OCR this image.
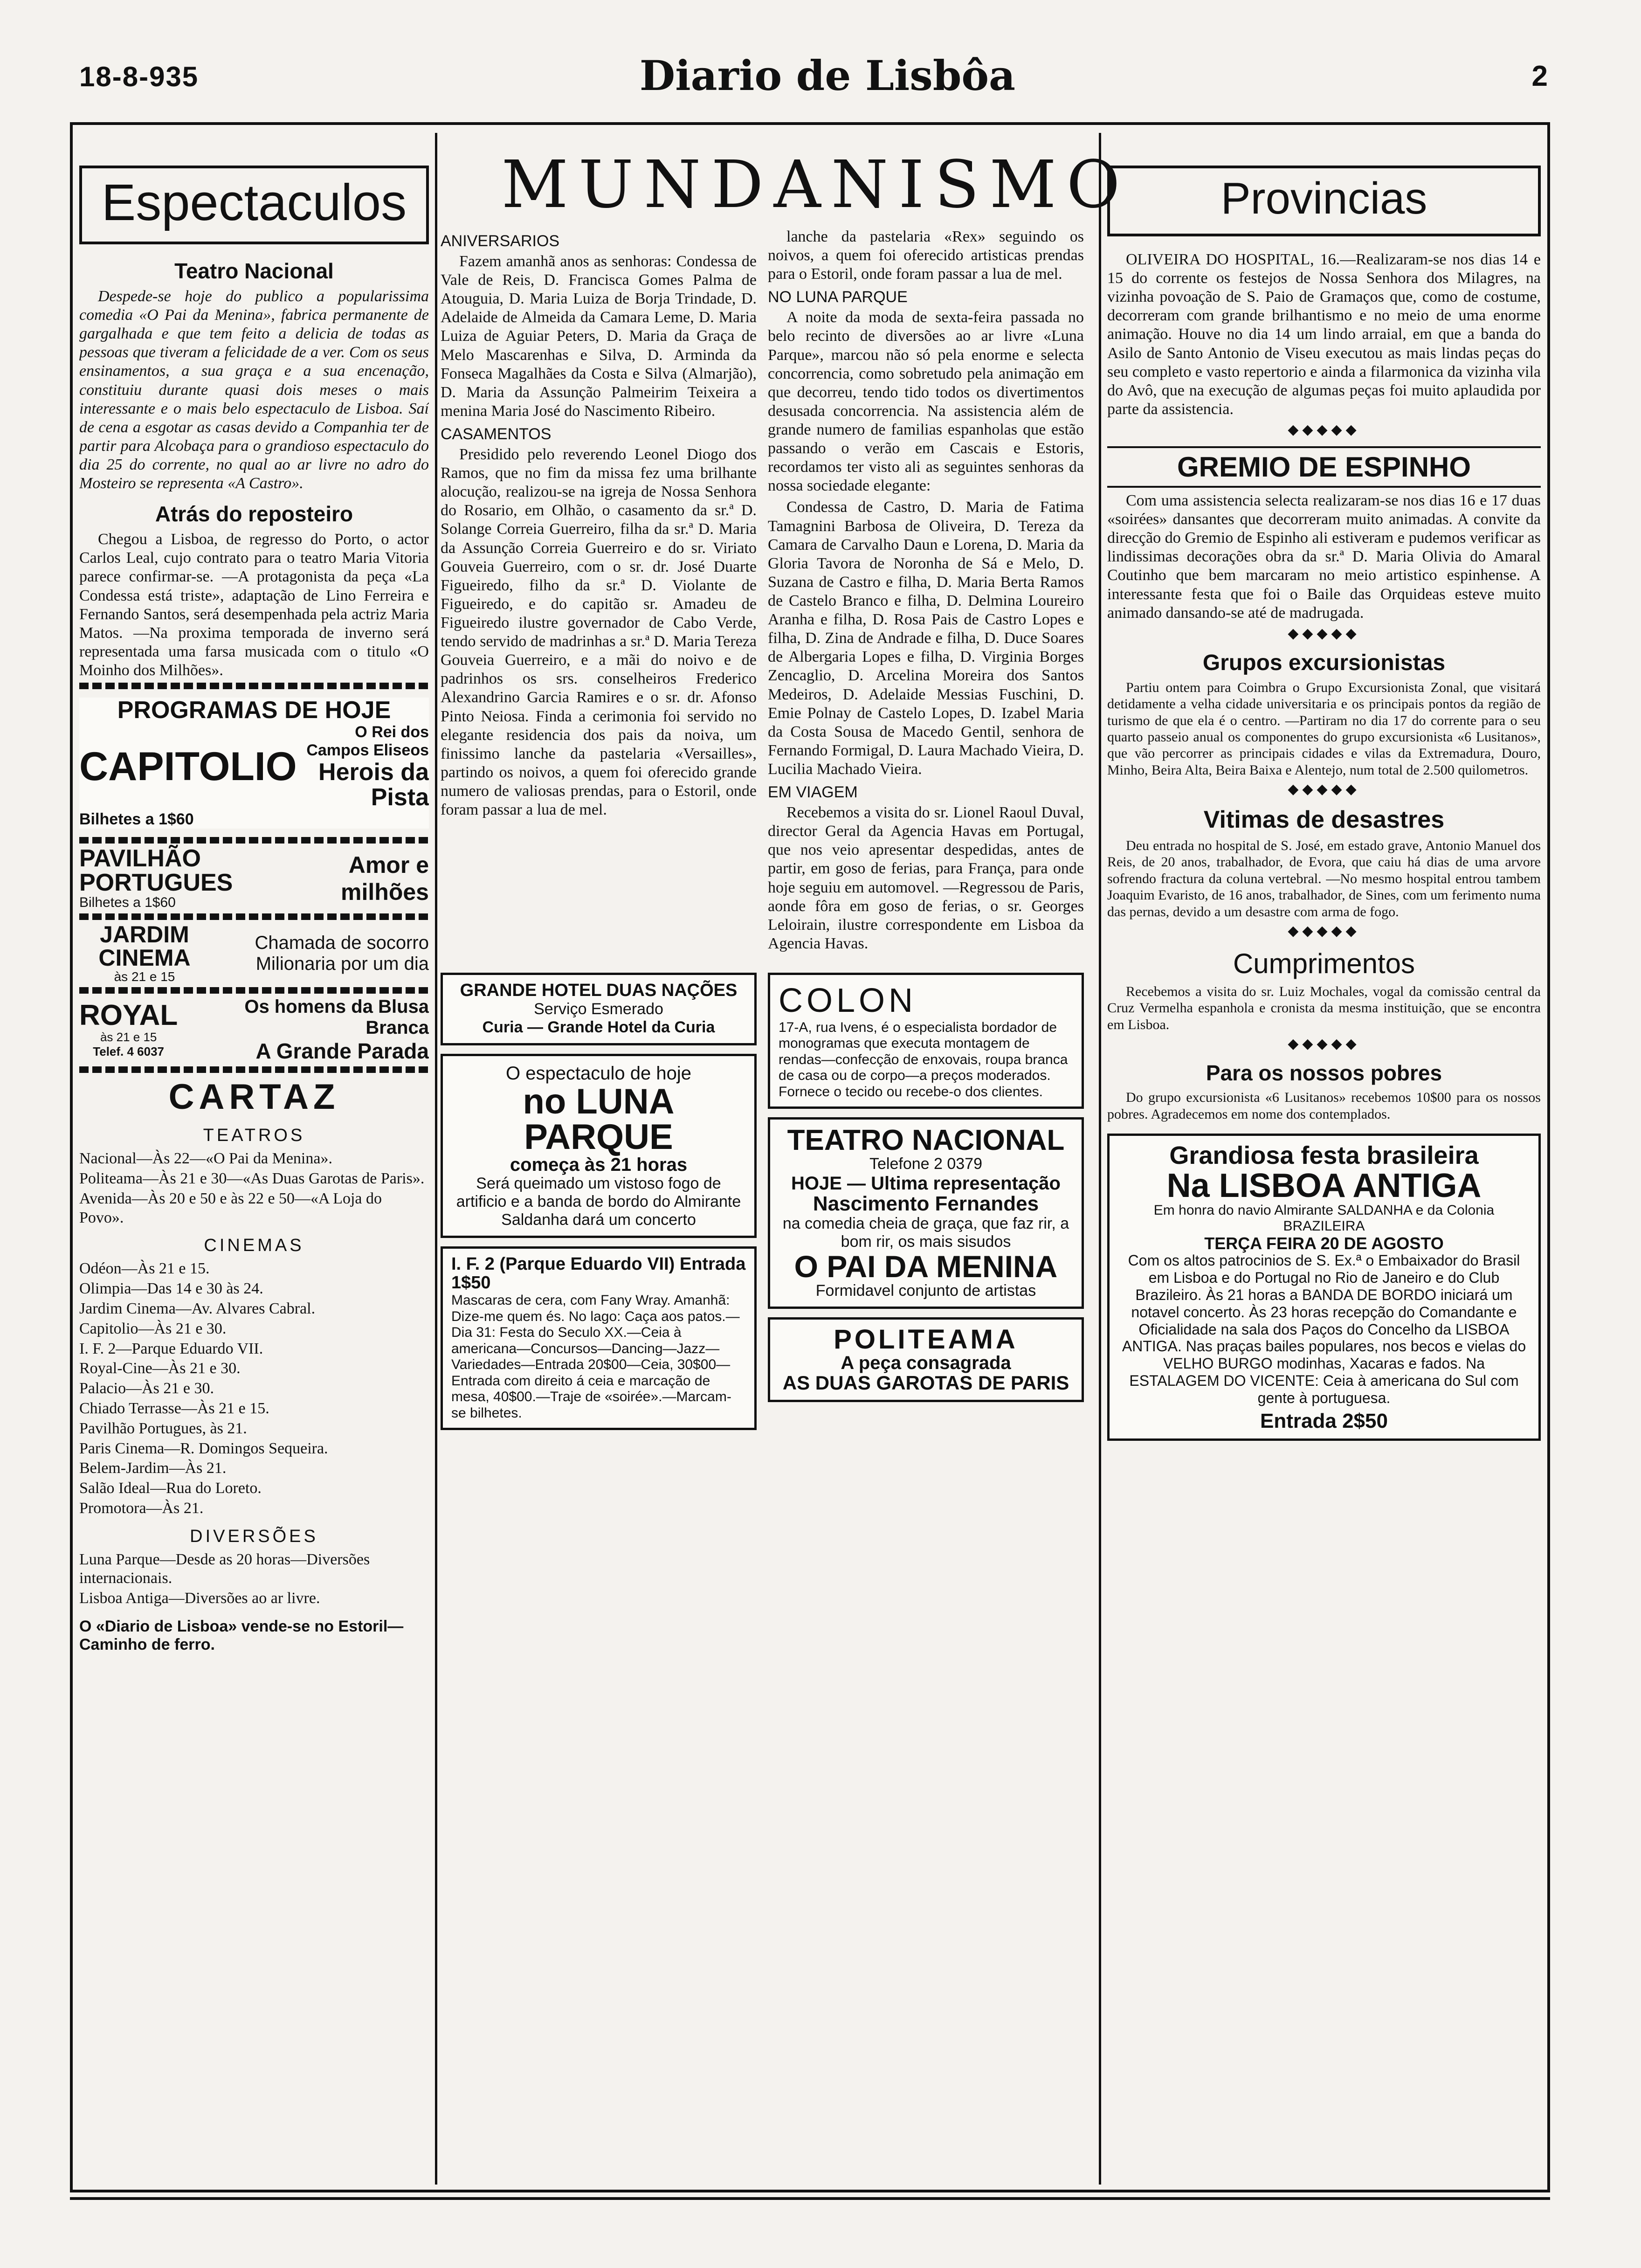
18-8-935	Diario de Lisbôa	2
Espectaculos
Teatro Nacional

Despede-se hoje do publico a popularissima comedia «O Pai da Menina», fabrica permanente de gargalhada e que tem feito a delicia de todas as pessoas que tiveram a felicidade de a ver. Com os seus ensinamentos, a sua graça e a sua encenação, constituiu durante quasi dois meses o mais interessante e o mais belo espectaculo de Lisboa. Saí de cena a esgotar as casas devido a Companhia ter de partir para Alcobaça para o grandioso espectaculo do dia 25 do corrente, no qual ao ar livre no adro do Mosteiro se representa «A Castro».

Atrás do reposteiro

Chegou a Lisboa, de regresso do Porto, o actor Carlos Leal, cujo contrato para o teatro Maria Vitoria parece confirmar-se. —A protagonista da peça «La Condessa está triste», adaptação de Lino Ferreira e Fernando Santos, será desempenhada pela actriz Maria Matos. —Na proxima temporada de inverno será representada uma farsa musicada com o titulo «O Moinho dos Milhões».

PROGRAMAS DE HOJE
CAPITOLIO
O Rei dos Campos Eliseos
Herois da Pista
Bilhetes a 1$60
PAVILHÃO PORTUGUES
Bilhetes a 1$60
Amor e milhões
JARDIM CINEMA
às 21 e 15
Chamada de socorro
Milionaria por um dia
ROYAL
às 21 e 15
Telef. 4 6037
Os homens da Blusa Branca
A Grande Parada
CARTAZ
TEATROS
Nacional—Às 22—«O Pai da Menina».
Politeama—Às 21 e 30—«As Duas Garotas de Paris».
Avenida—Às 20 e 50 e às 22 e 50—«A Loja do Povo».
CINEMAS
Odéon—Às 21 e 15.
Olimpia—Das 14 e 30 às 24.
Jardim Cinema—Av. Alvares Cabral.
Capitolio—Às 21 e 30.
I. F. 2—Parque Eduardo VII.
Royal-Cine—Às 21 e 30.
Palacio—Às 21 e 30.
Chiado Terrasse—Às 21 e 15.
Pavilhão Portugues, às 21.
Paris Cinema—R. Domingos Sequeira.
Belem-Jardim—Às 21.
Salão Ideal—Rua do Loreto.
Promotora—Às 21.
DIVERSÕES
Luna Parque—Desde as 20 horas—Diversões internacionais.
Lisboa Antiga—Diversões ao ar livre.
O «Diario de Lisboa» vende-se no Estoril—Caminho de ferro.
MUNDANISMO
ANIVERSARIOS

Fazem amanhã anos as senhoras: Condessa de Vale de Reis, D. Francisca Gomes Palma de Atouguia, D. Maria Luiza de Borja Trindade, D. Adelaide de Almeida da Camara Leme, D. Maria Luiza de Aguiar Peters, D. Maria da Graça de Melo Mascarenhas e Silva, D. Arminda da Fonseca Magalhães da Costa e Silva (Almarjão), D. Maria da Assunção Palmeirim Teixeira a menina Maria José do Nascimento Ribeiro.

CASAMENTOS

Presidido pelo reverendo Leonel Diogo dos Ramos, que no fim da missa fez uma brilhante alocução, realizou-se na igreja de Nossa Senhora do Rosario, em Olhão, o casamento da sr.ª D. Solange Correia Guerreiro, filha da sr.ª D. Maria da Assunção Correia Guerreiro e do sr. Viriato Gouveia Guerreiro, com o sr. dr. José Duarte Figueiredo, filho da sr.ª D. Violante de Figueiredo, e do capitão sr. Amadeu de Figueiredo ilustre governador de Cabo Verde, tendo servido de madrinhas a sr.ª D. Maria Tereza Gouveia Guerreiro, e a mãi do noivo e de padrinhos os srs. conselheiros Frederico Alexandrino Garcia Ramires e o sr. dr. Afonso Pinto Neiosa. Finda a cerimonia foi servido no elegante residencia dos pais da noiva, um finissimo lanche da pastelaria «Versailles», partindo os noivos, a quem foi oferecido grande numero de valiosas prendas, para o Estoril, onde foram passar a lua de mel.

lanche da pastelaria «Rex» seguindo os noivos, a quem foi oferecido artisticas prendas para o Estoril, onde foram passar a lua de mel.

NO LUNA PARQUE

A noite da moda de sexta-feira passada no belo recinto de diversões ao ar livre «Luna Parque», marcou não só pela enorme e selecta concorrencia, como sobretudo pela animação em que decorreu, tendo tido todos os divertimentos desusada concorrencia. Na assistencia além de grande numero de familias espanholas que estão passando o verão em Cascais e Estoris, recordamos ter visto ali as seguintes senhoras da nossa sociedade elegante:

Condessa de Castro, D. Maria de Fatima Tamagnini Barbosa de Oliveira, D. Tereza da Camara de Carvalho Daun e Lorena, D. Maria da Gloria Tavora de Noronha de Sá e Melo, D. Suzana de Castro e filha, D. Maria Berta Ramos de Castelo Branco e filha, D. Delmina Loureiro Aranha e filha, D. Rosa Pais de Castro Lopes e filha, D. Zina de Andrade e filha, D. Duce Soares de Albergaria Lopes e filha, D. Virginia Borges Zencaglio, D. Arcelina Moreira dos Santos Medeiros, D. Adelaide Messias Fuschini, D. Emie Polnay de Castelo Lopes, D. Izabel Maria da Costa Sousa de Macedo Gentil, senhora de Fernando Formigal, D. Laura Machado Vieira, D. Lucilia Machado Vieira.

EM VIAGEM

Recebemos a visita do sr. Lionel Raoul Duval, director Geral da Agencia Havas em Portugal, que nos veio apresentar despedidas, antes de partir, em goso de ferias, para França, para onde hoje seguiu em automovel. —Regressou de Paris, aonde fôra em goso de ferias, o sr. Georges Leloirain, ilustre correspondente em Lisboa da Agencia Havas.

GRANDE HOTEL DUAS NAÇÕES
Serviço Esmerado
Curia — Grande Hotel da Curia
O espectaculo de hoje
no LUNA PARQUE
começa às 21 horas
Será queimado um vistoso fogo de artificio e a banda de bordo do Almirante Saldanha dará um concerto
I. F. 2 (Parque Eduardo VII) Entrada 1$50
Mascaras de cera, com Fany Wray. Amanhã: Dize-me quem és. No lago: Caça aos patos.—Dia 31: Festa do Seculo XX.—Ceia à americana—Concursos—Dancing—Jazz—Variedades—Entrada 20$00—Ceia, 30$00—Entrada com direito á ceia e marcação de mesa, 40$00.—Traje de «soirée».—Marcam-se bilhetes.
COLON
17-A, rua Ivens, é o especialista bordador de monogramas que executa montagem de rendas—confecção de enxovais, roupa branca de casa ou de corpo—a preços moderados. Fornece o tecido ou recebe-o dos clientes.
TEATRO NACIONAL
Telefone 2 0379
HOJE — Ultima representação
Nascimento Fernandes
na comedia cheia de graça, que faz rir, a bom rir, os mais sisudos
O PAI DA MENINA
Formidavel conjunto de artistas
POLITEAMA
A peça consagrada
AS DUAS GAROTAS DE PARIS
Provincias

OLIVEIRA DO HOSPITAL, 16.—Realizaram-se nos dias 14 e 15 do corrente os festejos de Nossa Senhora dos Milagres, na vizinha povoação de S. Paio de Gramaços que, como de costume, decorreram com grande brilhantismo e no meio de uma enorme animação. Houve no dia 14 um lindo arraial, em que a banda do Asilo de Santo Antonio de Viseu executou as mais lindas peças do seu completo e vasto repertorio e ainda a filarmonica da vizinha vila do Avô, que na execução de algumas peças foi muito aplaudida por parte da assistencia.

◆◆◆◆◆
GREMIO DE ESPINHO

Com uma assistencia selecta realizaram-se nos dias 16 e 17 duas «soirées» dansantes que decorreram muito animadas. A convite da direcção do Gremio de Espinho ali estiveram e pudemos verificar as lindissimas decorações obra da sr.ª D. Maria Olivia do Amaral Coutinho que bem marcaram no meio artistico espinhense. A interessante festa que foi o Baile das Orquideas esteve muito animado dansando-se até de madrugada.

◆◆◆◆◆
Grupos excursionistas

Partiu ontem para Coimbra o Grupo Excursionista Zonal, que visitará detidamente a velha cidade universitaria e os principais pontos da região de turismo de que ela é o centro. —Partiram no dia 17 do corrente para o seu quarto passeio anual os componentes do grupo excursionista «6 Lusitanos», que vão percorrer as principais cidades e vilas da Extremadura, Douro, Minho, Beira Alta, Beira Baixa e Alentejo, num total de 2.500 quilometros.

◆◆◆◆◆
Vitimas de desastres

Deu entrada no hospital de S. José, em estado grave, Antonio Manuel dos Reis, de 20 anos, trabalhador, de Evora, que caiu há dias de uma arvore sofrendo fractura da coluna vertebral. —No mesmo hospital entrou tambem Joaquim Evaristo, de 16 anos, trabalhador, de Sines, com um ferimento numa das pernas, devido a um desastre com arma de fogo.

◆◆◆◆◆
Cumprimentos

Recebemos a visita do sr. Luiz Mochales, vogal da comissão central da Cruz Vermelha espanhola e cronista da mesma instituição, que se encontra em Lisboa.

◆◆◆◆◆
Para os nossos pobres

Do grupo excursionista «6 Lusitanos» recebemos 10$00 para os nossos pobres. Agradecemos em nome dos contemplados.

Grandiosa festa brasileira
Na LISBOA ANTIGA
Em honra do navio Almirante SALDANHA e da Colonia BRAZILEIRA
TERÇA FEIRA 20 DE AGOSTO
Com os altos patrocinios de S. Ex.ª o Embaixador do Brasil em Lisboa e do Portugal no Rio de Janeiro e do Club Brazileiro. Às 21 horas a BANDA DE BORDO iniciará um notavel concerto. Às 23 horas recepção do Comandante e Oficialidade na sala dos Paços do Concelho da LISBOA ANTIGA. Nas praças bailes populares, nos becos e vielas do VELHO BURGO modinhas, Xacaras e fados. Na ESTALAGEM DO VICENTE: Ceia à americana do Sul com gente à portuguesa.
Entrada 2$50
